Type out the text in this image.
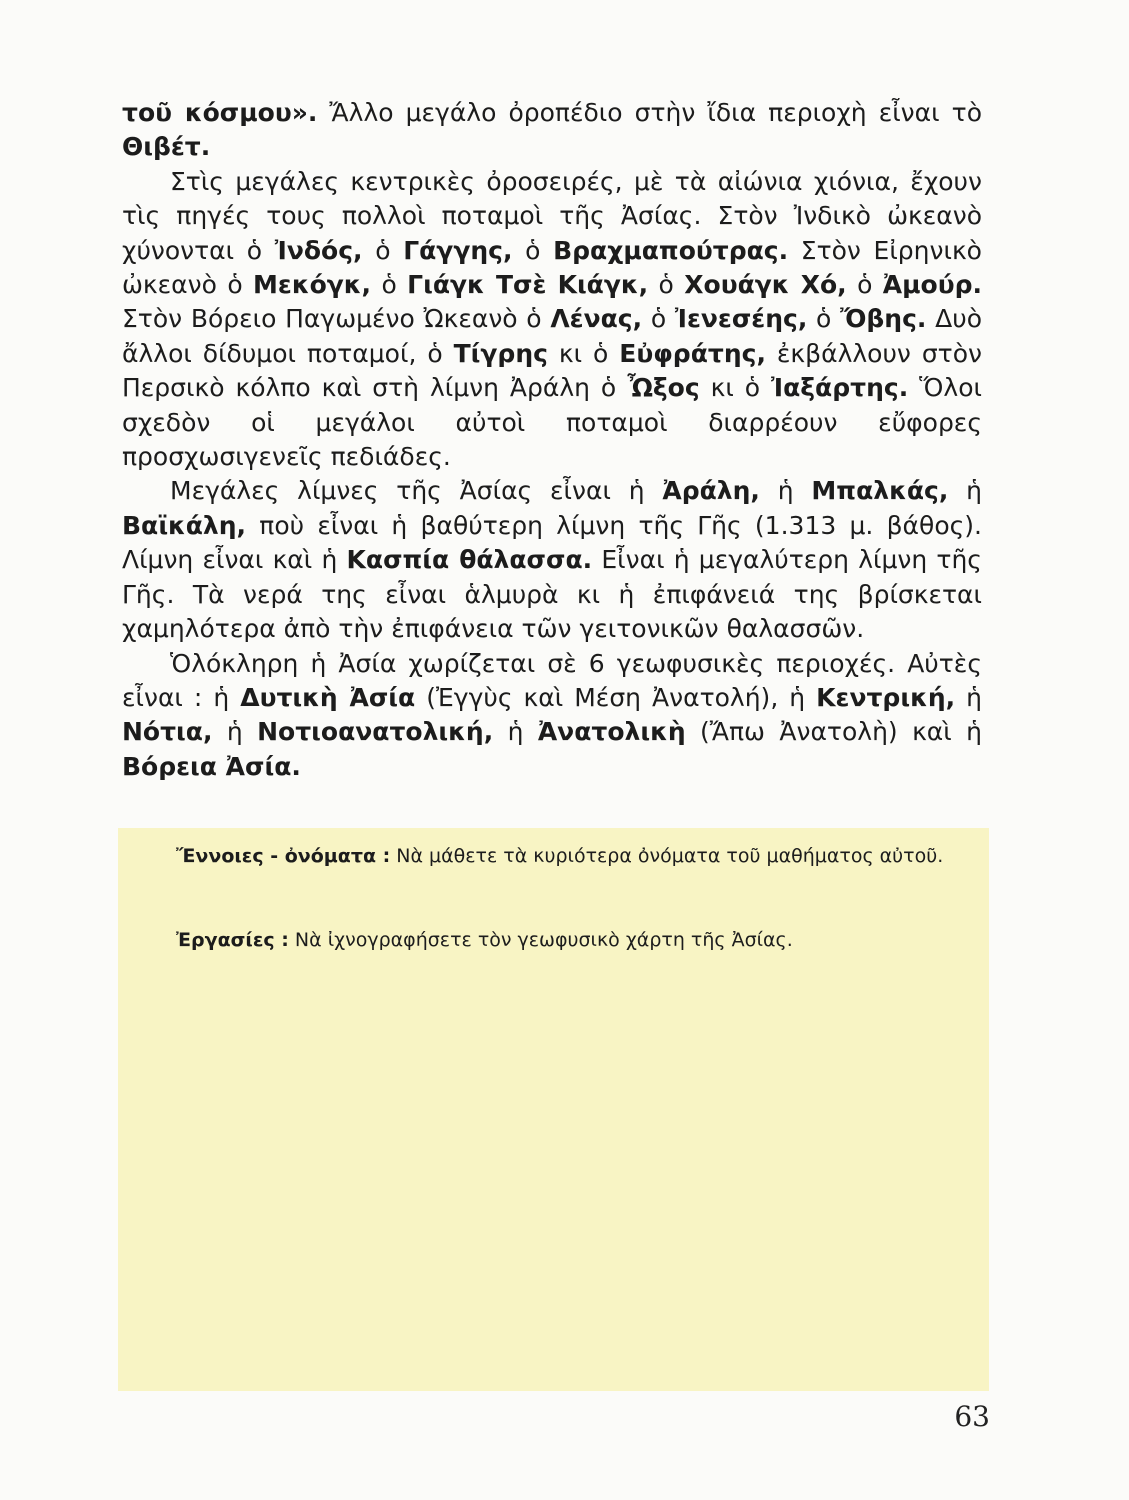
τοῦ κόσμου». Ἄλλο μεγάλο ὀροπέδιο στὴν ἴδια περιοχὴ εἶναι τὸ Θιβέτ.

Στὶς μεγάλες κεντρικὲς ὀροσειρές, μὲ τὰ αἰώνια χιόνια, ἔχουν τὶς πηγές τους πολλοὶ ποταμοὶ τῆς Ἀσίας. Στὸν Ἰνδικὸ ὠκεανὸ χύνονται ὁ Ἰνδός, ὁ Γάγγης, ὁ Βραχμαπούτρας. Στὸν Εἰρηνικὸ ὠκεανὸ ὁ Μεκόγκ, ὁ Γιάγκ Τσὲ Κιάγκ, ὁ Χουάγκ Χό, ὁ Ἀμούρ. Στὸν Βόρειο Παγωμένο Ὠκεανὸ ὁ Λένας, ὁ Ἰενεσέης, ὁ Ὄβης. Δυὸ ἄλλοι δίδυμοι ποταμοί, ὁ Τίγρης κι ὁ Εὐφράτης, ἐκβάλλουν στὸν Περσικὸ κόλπο καὶ στὴ λίμνη Ἀράλη ὁ Ὦξος κι ὁ Ἰαξάρτης. Ὅλοι σχεδὸν οἱ μεγάλοι αὐτοὶ ποταμοὶ διαρρέουν εὔφορες προσχωσιγενεῖς πεδιάδες.

Μεγάλες λίμνες τῆς Ἀσίας εἶναι ἡ Ἀράλη, ἡ Μπαλκάς, ἡ Βαϊκάλη, ποὺ εἶναι ἡ βαθύτερη λίμνη τῆς Γῆς (1.313 μ. βάθος). Λίμνη εἶναι καὶ ἡ Κασπία θάλασσα. Εἶναι ἡ μεγαλύτερη λίμνη τῆς Γῆς. Τὰ νερά της εἶναι ἁλμυρὰ κι ἡ ἐπιφάνειά της βρίσκεται χαμηλότερα ἀπὸ τὴν ἐπιφάνεια τῶν γειτονικῶν θαλασσῶν.

Ὁλόκληρη ἡ Ἀσία χωρίζεται σὲ 6 γεωφυσικὲς περιοχές. Αὐτὲς εἶναι : ἡ Δυτικὴ Ἀσία (Ἐγγὺς καὶ Μέση Ἀνατολή), ἡ Κεντρική, ἡ Νότια, ἡ Νοτιοανατολική, ἡ Ἀνατολικὴ (Ἄπω Ἀνατολὴ) καὶ ἡ Βόρεια Ἀσία.

Ἔννοιες - ὀνόματα : Νὰ μάθετε τὰ κυριότερα ὀνόματα τοῦ μαθήματος αὐτοῦ.
Ἐργασίες : Νὰ ἰχνογραφήσετε τὸν γεωφυσικὸ χάρτη τῆς Ἀσίας.
63
